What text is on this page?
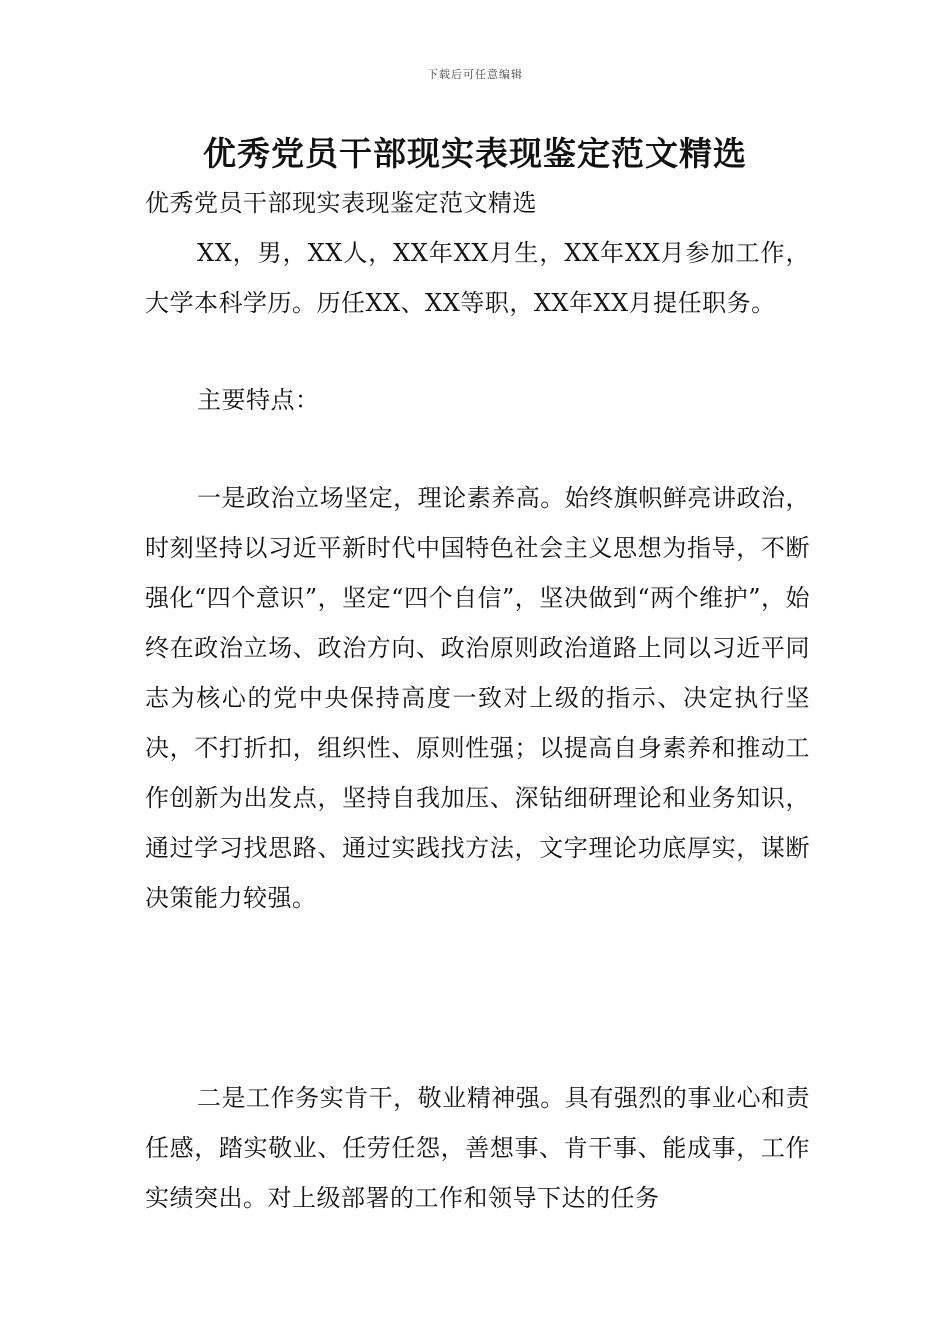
下载后可任意编辑
优秀党员干部现实表现鉴定范文精选
优秀党员干部现实表现鉴定范文精选

XX，男，XX人，XX年XX月生，XX年XX月参加工作，大学本科学历。历任XX、XX等职，XX年XX月提任职务。

主要特点：

一是政治立场坚定，理论素养高。始终旗帜鲜亮讲政治，时刻坚持以习近平新时代中国特色社会主义思想为指导，不断强化“四个意识”，坚定“四个自信”，坚决做到“两个维护”，始终在政治立场、政治方向、政治原则政治道路上同以习近平同志为核心的党中央保持高度一致对上级的指示、决定执行坚决，不打折扣，组织性、原则性强；以提高自身素养和推动工作创新为出发点，坚持自我加压、深钻细研理论和业务知识，通过学习找思路、通过实践找方法，文字理论功底厚实，谋断决策能力较强。

二是工作务实肯干，敬业精神强。具有强烈的事业心和责任感，踏实敬业、任劳任怨，善想事、肯干事、能成事，工作实绩突出。对上级部署的工作和领导下达的任务
